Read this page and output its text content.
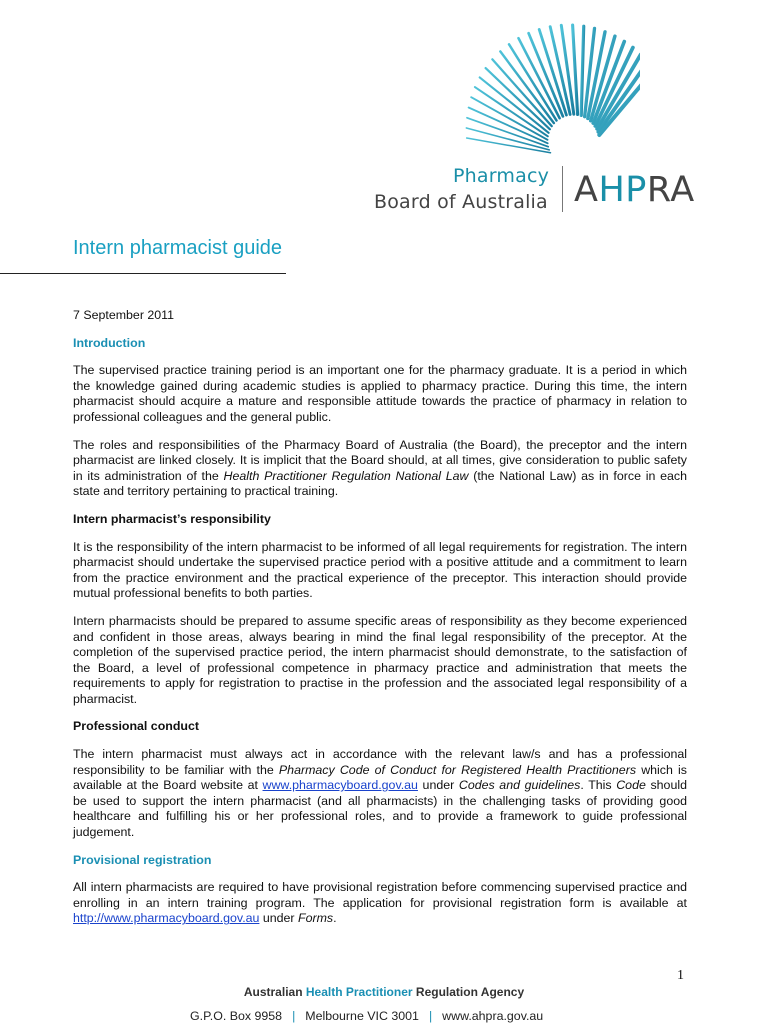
Pharmacy
Board of Australia AHPRA
Intern pharmacist guide

7 September 2011

Introduction

The supervised practice training period is an important one for the pharmacy graduate. It is a period in which the knowledge gained during academic studies is applied to pharmacy practice. During this time, the intern pharmacist should acquire a mature and responsible attitude towards the practice of pharmacy in relation to professional colleagues and the general public.

The roles and responsibilities of the Pharmacy Board of Australia (the Board), the preceptor and the intern pharmacist are linked closely. It is implicit that the Board should, at all times, give consideration to public safety in its administration of the Health Practitioner Regulation National Law (the National Law) as in force in each state and territory pertaining to practical training.

Intern pharmacist’s responsibility

It is the responsibility of the intern pharmacist to be informed of all legal requirements for registration. The intern pharmacist should undertake the supervised practice period with a positive attitude and a commitment to learn from the practice environment and the practical experience of the preceptor. This interaction should provide mutual professional benefits to both parties.

Intern pharmacists should be prepared to assume specific areas of responsibility as they become experienced and confident in those areas, always bearing in mind the final legal responsibility of the preceptor. At the completion of the supervised practice period, the intern pharmacist should demonstrate, to the satisfaction of the Board, a level of professional competence in pharmacy practice and administration that meets the requirements to apply for registration to practise in the profession and the associated legal responsibility of a pharmacist.

Professional conduct

The intern pharmacist must always act in accordance with the relevant law/s and has a professional responsibility to be familiar with the Pharmacy Code of Conduct for Registered Health Practitioners which is available at the Board website at www.pharmacyboard.gov.au under Codes and guidelines. This Code should be used to support the intern pharmacist (and all pharmacists) in the challenging tasks of providing good healthcare and fulfilling his or her professional roles, and to provide a framework to guide professional judgement.

Provisional registration

All intern pharmacists are required to have provisional registration before commencing supervised practice and enrolling in an intern training program. The application for provisional registration form is available at http://www.pharmacyboard.gov.au under Forms.

1
Australian Health Practitioner Regulation Agency
G.P.O. Box 9958 | Melbourne VIC 3001 | www.ahpra.gov.au
